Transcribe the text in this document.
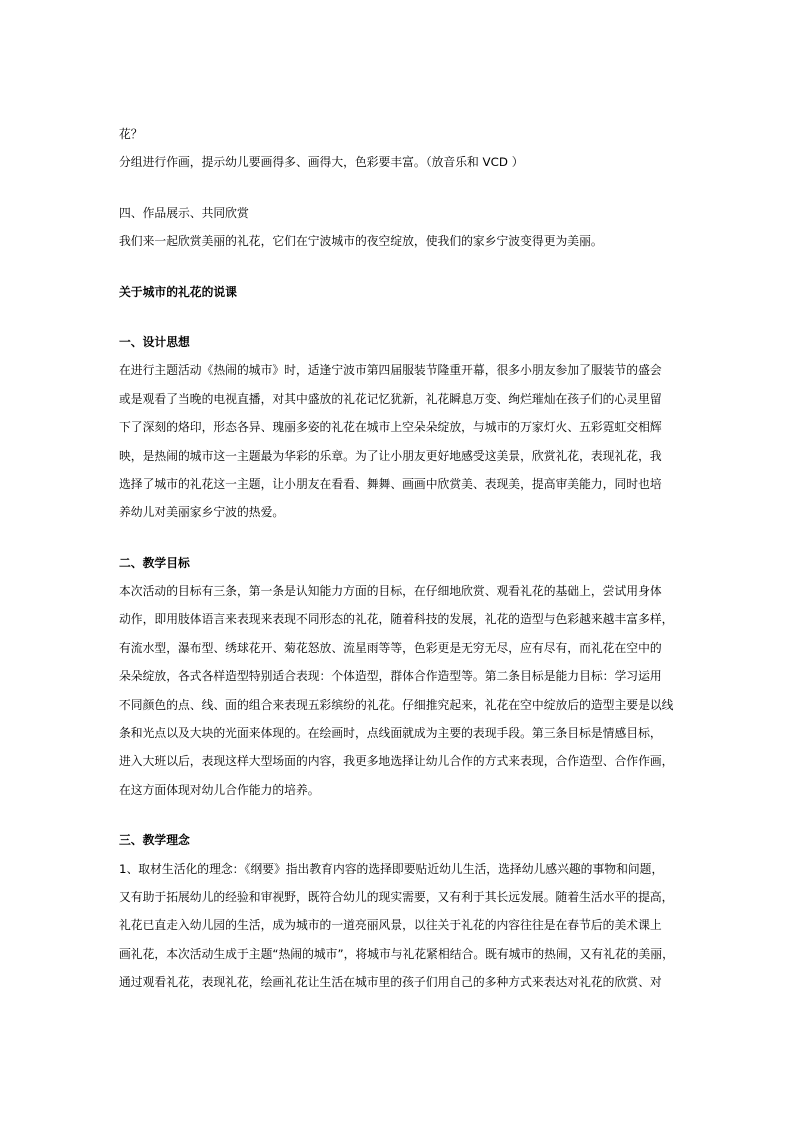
花？
分组进行作画，提示幼儿要画得多、画得大，色彩要丰富。（放音乐和 VCD ）
四、作品展示、共同欣赏
我们来一起欣赏美丽的礼花，它们在宁波城市的夜空绽放，使我们的家乡宁波变得更为美丽。
关于城市的礼花的说课
一、设计思想
在进行主题活动《热闹的城市》时，适逢宁波市第四届服装节隆重开幕，很多小朋友参加了服装节的盛会
或是观看了当晚的电视直播，对其中盛放的礼花记忆犹新，礼花瞬息万变、绚烂璀灿在孩子们的心灵里留
下了深刻的烙印，形态各异、瑰丽多姿的礼花在城市上空朵朵绽放，与城市的万家灯火、五彩霓虹交相辉
映，是热闹的城市这一主题最为华彩的乐章。为了让小朋友更好地感受这美景，欣赏礼花，表现礼花，我
选择了城市的礼花这一主题，让小朋友在看看、舞舞、画画中欣赏美、表现美，提高审美能力，同时也培
养幼儿对美丽家乡宁波的热爱。
二、教学目标
本次活动的目标有三条，第一条是认知能力方面的目标，在仔细地欣赏、观看礼花的基础上，尝试用身体
动作，即用肢体语言来表现来表现不同形态的礼花，随着科技的发展，礼花的造型与色彩越来越丰富多样，
有流水型，瀑布型、绣球花开、菊花怒放、流星雨等等，色彩更是无穷无尽，应有尽有，而礼花在空中的
朵朵绽放，各式各样造型特别适合表现：个体造型，群体合作造型等。第二条目标是能力目标：学习运用
不同颜色的点、线、面的组合来表现五彩缤纷的礼花。仔细推究起来，礼花在空中绽放后的造型主要是以线
条和光点以及大块的光面来体现的。在绘画时，点线面就成为主要的表现手段。第三条目标是情感目标，
进入大班以后，表现这样大型场面的内容，我更多地选择让幼儿合作的方式来表现，合作造型、合作作画，
在这方面体现对幼儿合作能力的培养。
三、教学理念
1、取材生活化的理念：《纲要》指出教育内容的选择即要贴近幼儿生活，选择幼儿感兴趣的事物和问题，
又有助于拓展幼儿的经验和审视野，既符合幼儿的现实需要，又有利于其长远发展。随着生活水平的提高，
礼花已直走入幼儿园的生活，成为城市的一道亮丽风景，以往关于礼花的内容往往是在春节后的美术课上
画礼花，本次活动生成于主题“热闹的城市”，将城市与礼花紧相结合。既有城市的热闹，又有礼花的美丽，
通过观看礼花，表现礼花，绘画礼花让生活在城市里的孩子们用自己的多种方式来表达对礼花的欣赏、对
